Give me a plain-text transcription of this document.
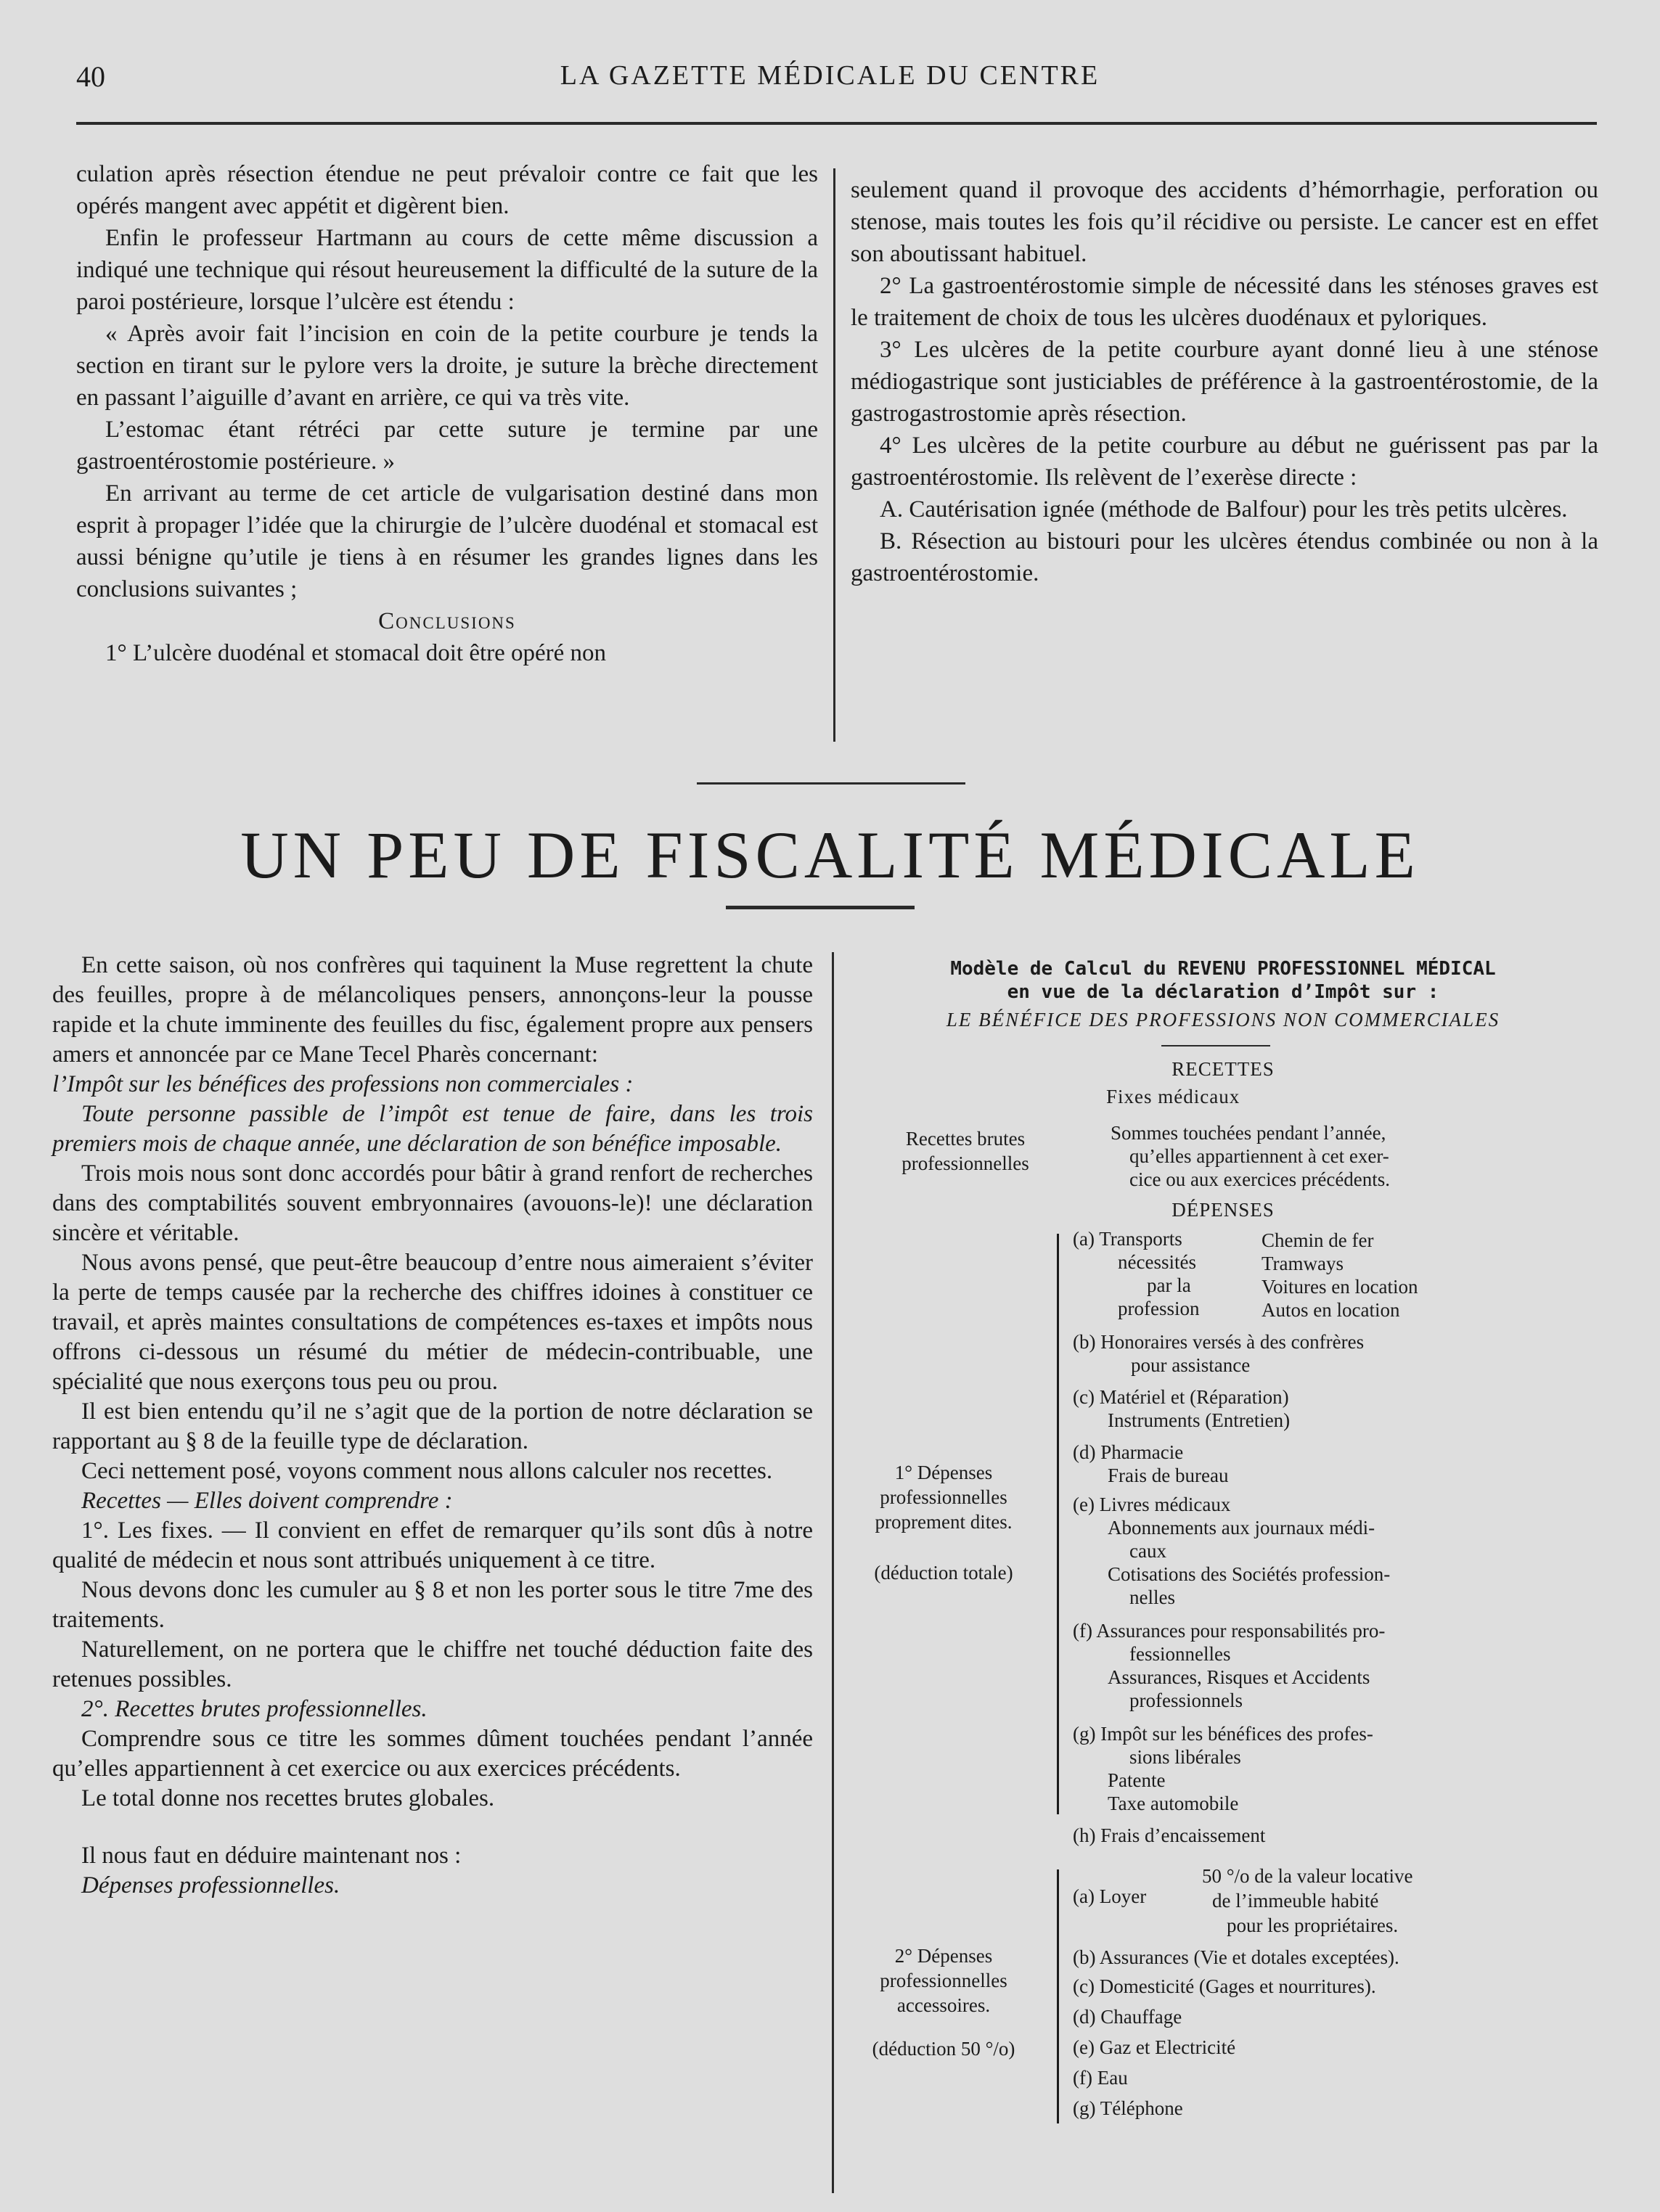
40	LA GAZETTE MÉDICALE DU CENTRE

culation après résection étendue ne peut prévaloir contre ce fait que les opérés mangent avec appétit et digèrent bien.

Enfin le professeur Hartmann au cours de cette même discussion a indiqué une technique qui résout heureusement la difficulté de la suture de la paroi postérieure, lorsque l’ulcère est étendu :

« Après avoir fait l’incision en coin de la petite courbure je tends la section en tirant sur le pylore vers la droite, je suture la brèche directement en passant l’aiguille d’avant en arrière, ce qui va très vite.

L’estomac étant rétréci par cette suture je termine par une gastroentérostomie postérieure. »

En arrivant au terme de cet article de vulgarisation destiné dans mon esprit à propager l’idée que la chirurgie de l’ulcère duodénal et stomacal est aussi bénigne qu’utile je tiens à en résumer les grandes lignes dans les conclusions suivantes ;

Conclusions

1° L’ulcère duodénal et stomacal doit être opéré non

seulement quand il provoque des accidents d’hémorrhagie, perforation ou stenose, mais toutes les fois qu’il récidive ou persiste. Le cancer est en effet son aboutissant habituel.

2° La gastroentérostomie simple de nécessité dans les sténoses graves est le traitement de choix de tous les ulcères duodénaux et pyloriques.

3° Les ulcères de la petite courbure ayant donné lieu à une sténose médiogastrique sont justiciables de préférence à la gastroentérostomie, de la gastrogastrostomie après résection.

4° Les ulcères de la petite courbure au début ne guérissent pas par la gastroentérostomie. Ils relèvent de l’exerèse directe :

A. Cautérisation ignée (méthode de Balfour) pour les très petits ulcères.

B. Résection au bistouri pour les ulcères étendus combinée ou non à la gastroentérostomie.

UN PEU DE FISCALITÉ MÉDICALE

En cette saison, où nos confrères qui taquinent la Muse regrettent la chute des feuilles, propre à de mélancoliques pensers, annonçons-leur la pousse rapide et la chute imminente des feuilles du fisc, également propre aux pensers amers et annoncée par ce Mane Tecel Pharès concernant:

l’Impôt sur les bénéfices des professions non commerciales :

Toute personne passible de l’impôt est tenue de faire, dans les trois premiers mois de chaque année, une déclaration de son bénéfice imposable.

Trois mois nous sont donc accordés pour bâtir à grand renfort de recherches dans des comptabilités souvent embryonnaires (avouons-le)! une déclaration sincère et véritable.

Nous avons pensé, que peut-être beaucoup d’entre nous aimeraient s’éviter la perte de temps causée par la recherche des chiffres idoines à constituer ce travail, et après maintes consultations de compétences es-taxes et impôts nous offrons ci-dessous un résumé du métier de médecin-contribuable, une spécialité que nous exerçons tous peu ou prou.

Il est bien entendu qu’il ne s’agit que de la portion de notre déclaration se rapportant au § 8 de la feuille type de déclaration.

Ceci nettement posé, voyons comment nous allons calculer nos recettes.

Recettes — Elles doivent comprendre :

1°. Les fixes. — Il convient en effet de remarquer qu’ils sont dûs à notre qualité de médecin et nous sont attribués uniquement à ce titre.

Nous devons donc les cumuler au § 8 et non les porter sous le titre 7me des traitements.

Naturellement, on ne portera que le chiffre net touché déduction faite des retenues possibles.

2°. Recettes brutes professionnelles.

Comprendre sous ce titre les sommes dûment touchées pendant l’année qu’elles appartiennent à cet exercice ou aux exercices précédents.

Le total donne nos recettes brutes globales.

Il nous faut en déduire maintenant nos :

Dépenses professionnelles.

Modèle de Calcul du REVENU PROFESSIONNEL MÉDICAL
en vue de la déclaration d’Impôt sur :
LE BÉNÉFICE DES PROFESSIONS NON COMMERCIALES
RECETTES
Fixes médicaux
Recettes brutes
professionnelles
Sommes touchées pendant l’année,
qu’elles appartiennent à cet exer-
cice ou aux exercices précédents.
DÉPENSES
(a) Transports
nécessités
par la
profession
Chemin de fer
Tramways
Voitures en location
Autos en location
(b) Honoraires versés à des confrères
pour assistance
(c) Matériel et (Réparation)
Instruments (Entretien)
(d) Pharmacie
Frais de bureau
(e) Livres médicaux
Abonnements aux journaux médi-
caux
Cotisations des Sociétés profession-
nelles
(f) Assurances pour responsabilités pro-
fessionnelles
Assurances, Risques et Accidents
professionnels
(g) Impôt sur les bénéfices des profes-
sions libérales
Patente
Taxe automobile
(h) Frais d’encaissement
1° Dépenses
professionnelles
proprement dites.
(déduction totale)
(a) Loyer
50 °/o de la valeur locative
de l’immeuble habité
pour les propriétaires.
(b) Assurances (Vie et dotales exceptées).
(c) Domesticité (Gages et nourritures).
(d) Chauffage
(e) Gaz et Electricité
(f) Eau
(g) Téléphone
2° Dépenses
professionnelles
accessoires.
(déduction 50 °/o)
